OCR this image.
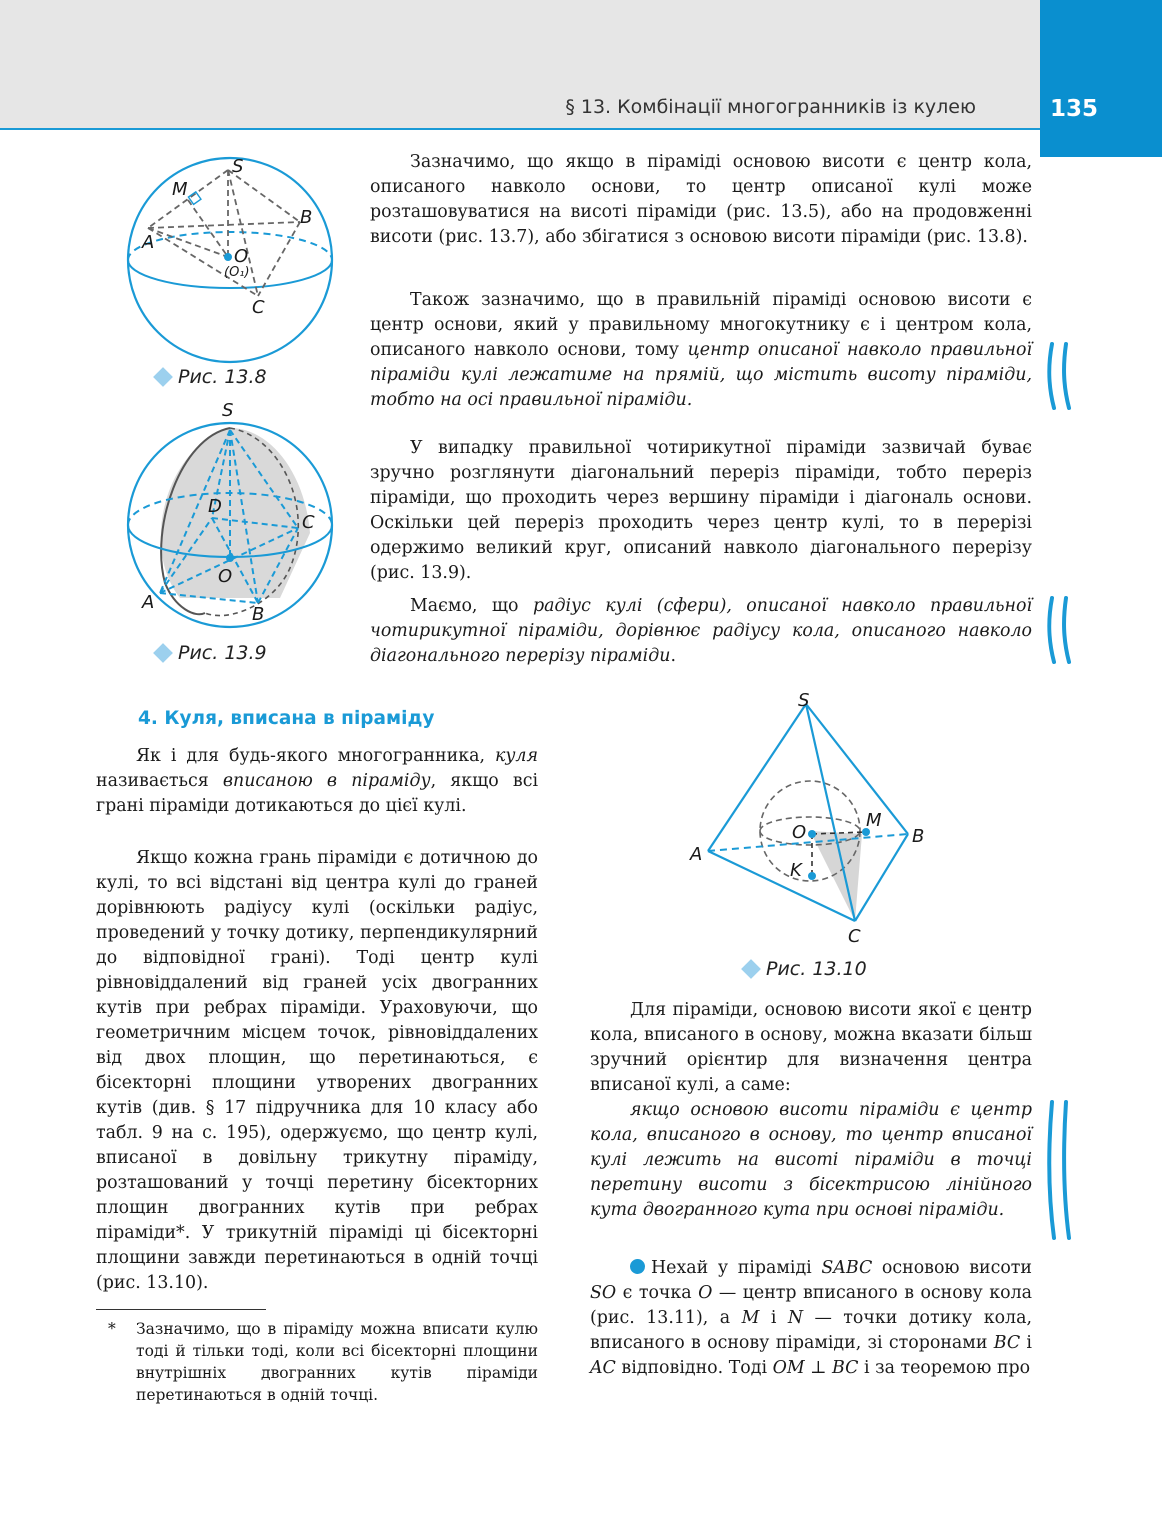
135
§ 13. Комбінації многогранників із кулею
S
M
B
A
O
(O₁)
C
Рис. 13.8
S
D
C
O
A
B
Рис. 13.9

Зазначимо, що якщо в піраміді основою висоти є центр кола, описаного навколо основи, то центр описаної кулі може розташовуватися на висоті піраміди (рис. 13.5), або на продовженні висоти (рис. 13.7), або збігатися з основою висоти піраміди (рис. 13.8).

Також зазначимо, що в правильній піраміді основою висоти є центр основи, який у правильному многокутнику є і центром кола, описаного навколо основи, тому центр описаної навколо правильної піраміди кулі лежатиме на прямій, що містить висоту піраміди, тобто на осі правильної піраміди.

У випадку правильної чотирикутної піраміди зазвичай буває зручно розглянути діагональний переріз піраміди, тобто переріз піраміди, що проходить через вершину піраміди і діагональ основи. Оскільки цей переріз проходить через центр кулі, то в перерізі одержимо великий круг, описаний навколо діагонального перерізу (рис. 13.9).

Маємо, що радіус кулі (сфери), описаної навколо правильної чотирикутної піраміди, дорівнює радіусу кола, описаного навколо діагонального перерізу піраміди.

4. Куля, вписана в піраміду

Як і для будь-якого многогранника, куля називається вписаною в піраміду, якщо всі грані піраміди дотикаються до цієї кулі.

Якщо кожна грань піраміди є дотичною до кулі, то всі відстані від центра кулі до граней дорівнюють радіусу кулі (оскільки радіус, проведений у точку дотику, перпендикулярний до відповідної грані). Тоді центр кулі рівновіддалений від граней усіх двогранних кутів при ребрах піраміди. Ураховуючи, що геометричним місцем точок, рівновіддалених від двох площин, що перетинаються, є бісекторні площини утворених двогранних кутів (див. § 17 підручника для 10 класу або табл. 9 на с. 195), одержуємо, що центр кулі, вписаної в довільну трикутну піраміду, розташований у точці перетину бісекторних площин двогранних кутів при ребрах піраміди*. У трикутній піраміді ці бісекторні площини завжди перетинаються в одній точці (рис. 13.10).

* Зазначимо, що в піраміду можна вписати кулю тоді й тільки тоді, коли всі бісекторні площини внутрішніх двогранних кутів піраміди перетинаються в одній точці.
S
O
M
B
A
K
C
Рис. 13.10

Для піраміди, основою висоти якої є центр кола, вписаного в основу, можна вказати більш зручний орієнтир для визначення центра вписаної кулі, а саме:

якщо основою висоти піраміди є центр кола, вписаного в основу, то центр вписаної кулі лежить на висоті піраміди в точці перетину висоти з бісектрисою лінійного кута двогранного кута при основі піраміди.

Нехай у піраміді SABC основою висоти SO є точка O — центр вписаного в основу кола (рис. 13.11), а M і N — точки дотику кола, вписаного в основу піраміди, зі сторонами BC і AC відповідно. Тоді OM ⊥ BC і за теоремою про
